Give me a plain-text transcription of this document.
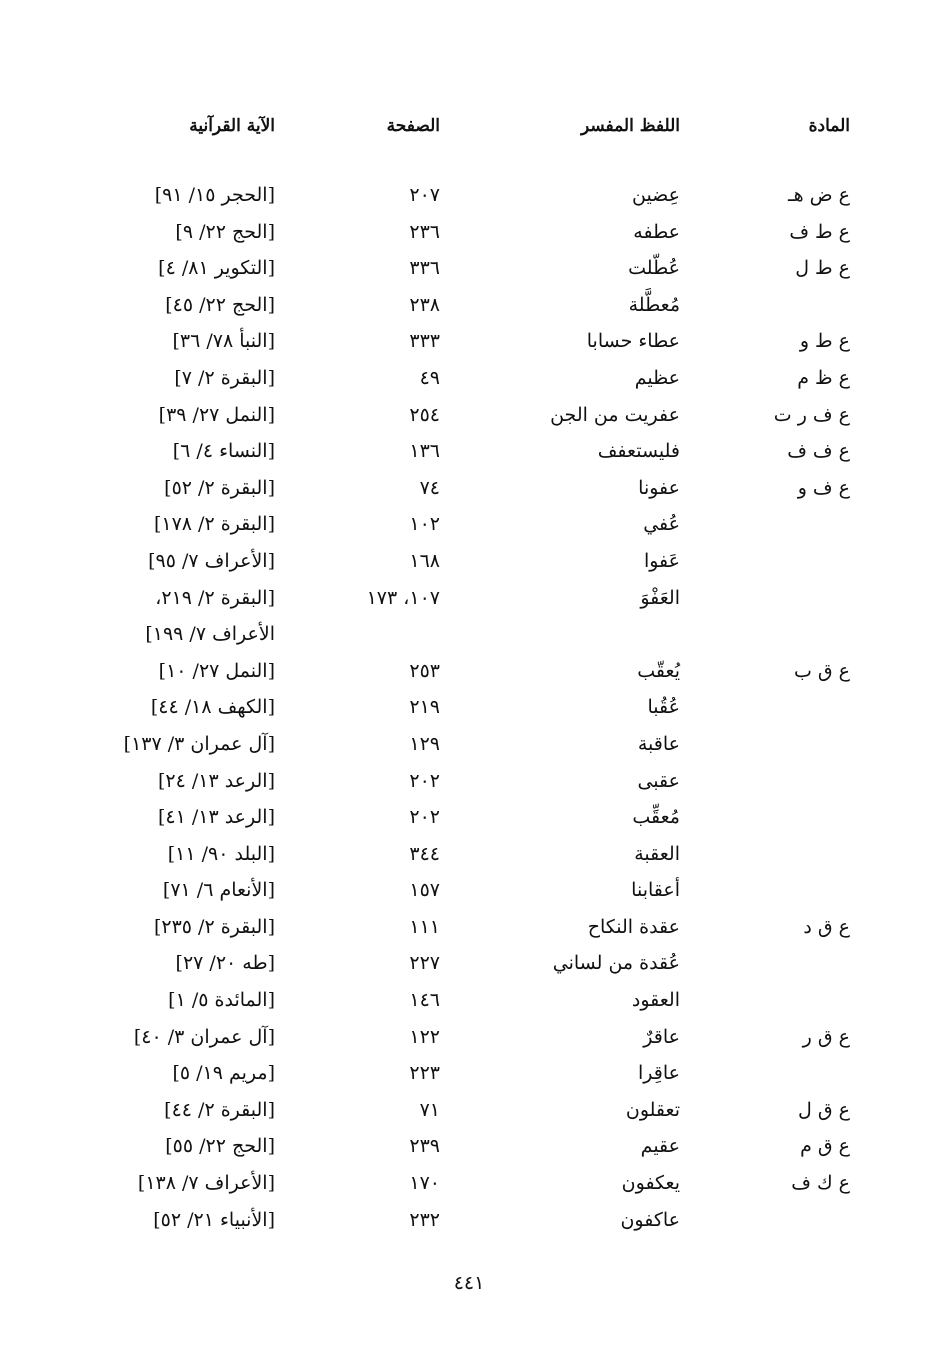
المادة
اللفظ المفسر
الصفحة
الآية القرآنية
ع ض هـ
عِضين
٢٠٧
[الحجر ١٥/ ٩١]
ع ط ف
عطفه
٢٣٦
[الحج ٢٢/ ٩]
ع ط ل
عُطّلت
٣٣٦
[التكوير ٨١/ ٤]
مُعطَّلة
٢٣٨
[الحج ٢٢/ ٤٥]
ع ط و
عطاء حسابا
٣٣٣
[النبأ ٧٨/ ٣٦]
ع ظ م
عظيم
٤٩
[البقرة ٢/ ٧]
ع ف ر ت
عفريت من الجن
٢٥٤
[النمل ٢٧/ ٣٩]
ع ف ف
فليستعفف
١٣٦
[النساء ٤/ ٦]
ع ف و
عفونا
٧٤
[البقرة ٢/ ٥٢]
عُفي
١٠٢
[البقرة ٢/ ١٧٨]
عَفوا
١٦٨
[الأعراف ٧/ ٩٥]
العَفْوَ
١٠٧، ١٧٣
[البقرة ٢/ ٢١٩،
الأعراف ٧/ ١٩٩]
ع ق ب
يُعقّب
٢٥٣
[النمل ٢٧/ ١٠]
عُقُبا
٢١٩
[الكهف ١٨/ ٤٤]
عاقبة
١٢٩
[آل عمران ٣/ ١٣٧]
عقبى
٢٠٢
[الرعد ١٣/ ٢٤]
مُعقِّب
٢٠٢
[الرعد ١٣/ ٤١]
العقبة
٣٤٤
[البلد ٩٠/ ١١]
أعقابنا
١٥٧
[الأنعام ٦/ ٧١]
ع ق د
عقدة النكاح
١١١
[البقرة ٢/ ٢٣٥]
عُقدة من لساني
٢٢٧
[طه ٢٠/ ٢٧]
العقود
١٤٦
[المائدة ٥/ ١]
ع ق ر
عاقرٌ
١٢٢
[آل عمران ٣/ ٤٠]
عاقِرا
٢٢٣
[مريم ١٩/ ٥]
ع ق ل
تعقلون
٧١
[البقرة ٢/ ٤٤]
ع ق م
عقيم
٢٣٩
[الحج ٢٢/ ٥٥]
ع ك ف
يعكفون
١٧٠
[الأعراف ٧/ ١٣٨]
عاكفون
٢٣٢
[الأنبياء ٢١/ ٥٢]
٤٤١
